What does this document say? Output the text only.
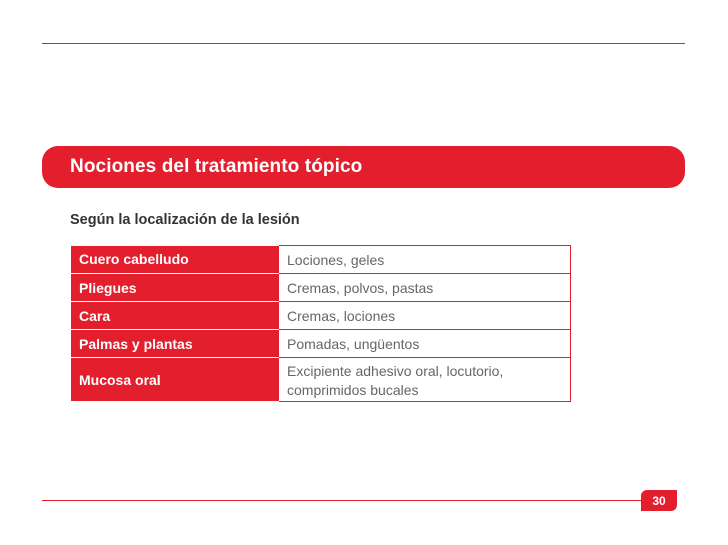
Nociones del tratamiento tópico
Según la localización de la lesión
Cuero cabelludo	Lociones, geles
Pliegues	Cremas, polvos, pastas
Cara	Cremas, lociones
Palmas y plantas	Pomadas, ungüentos
Mucosa oral	Excipiente adhesivo oral, locutorio, comprimidos bucales
30
